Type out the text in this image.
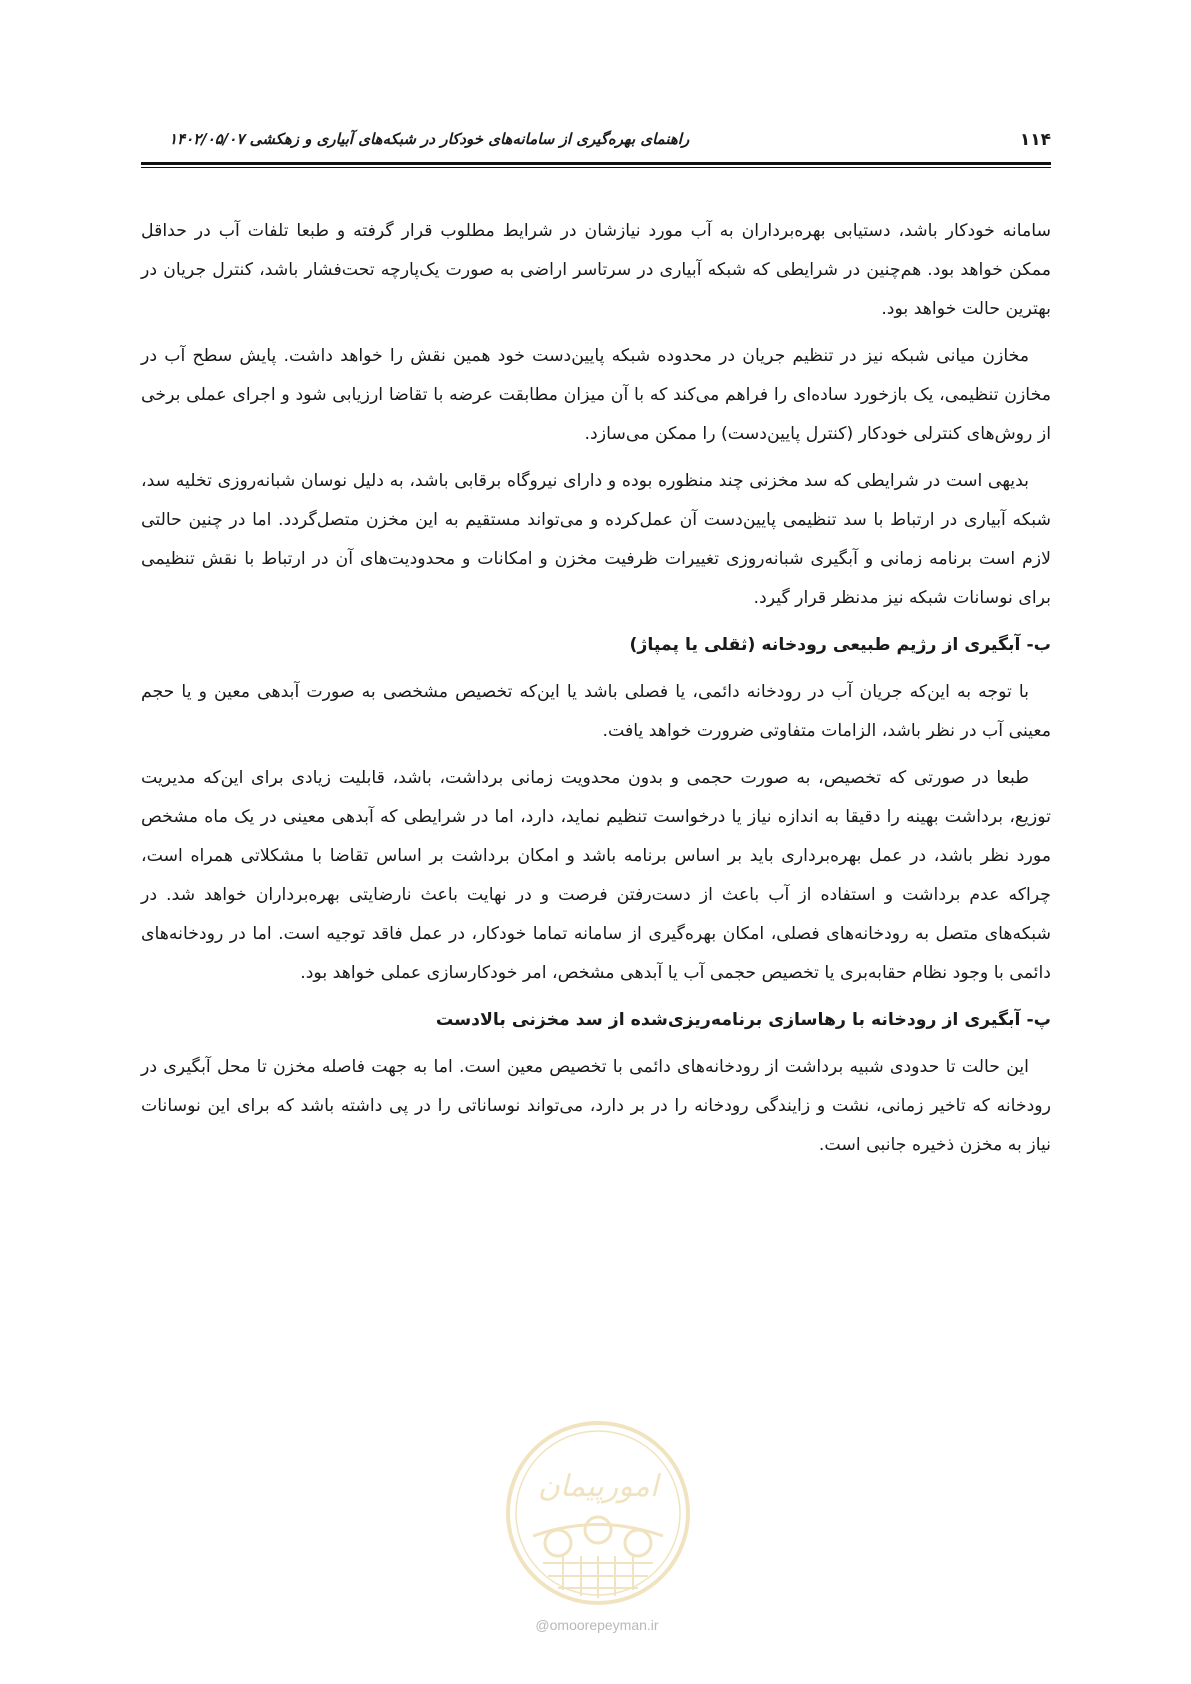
۱۱۴
راهنمای بهره‌گیری از سامانه‌های خودکار در شبکه‌های آبیاری و زهکشی ۱۴۰۲/۰۵/۰۷

سامانه خودکار باشد، دستیابی بهره‌برداران به آب مورد نیازشان در شرایط مطلوب قرار گرفته و طبعا تلفات آب در حداقل ممکن خواهد بود. هم‌چنین در شرایطی که شبکه آبیاری در سرتاسر اراضی به صورت یک‌پارچه تحت‌فشار باشد، کنترل جریان در بهترین حالت خواهد بود.

مخازن میانی شبکه نیز در تنظیم جریان در محدوده شبکه پایین‌دست خود همین نقش را خواهد داشت. پایش سطح آب در مخازن تنظیمی، یک بازخورد ساده‌ای را فراهم می‌کند که با آن میزان مطابقت عرضه با تقاضا ارزیابی شود و اجرای عملی برخی از روش‌های کنترلی خودکار (کنترل پایین‌دست) را ممکن می‌سازد.

بدیهی است در شرایطی که سد مخزنی چند منظوره بوده و دارای نیروگاه برقابی باشد، به دلیل نوسان شبانه‌روزی تخلیه سد، شبکه آبیاری در ارتباط با سد تنظیمی پایین‌دست آن عمل‌کرده و می‌تواند مستقیم به این مخزن متصل‌گردد. اما در چنین حالتی لازم است برنامه زمانی و آبگیری شبانه‌روزی تغییرات ظرفیت مخزن و امکانات و محدودیت‌های آن در ارتباط با نقش تنظیمی برای نوسانات شبکه نیز مدنظر قرار گیرد.

ب- آبگیری از رژیم طبیعی رودخانه (ثقلی یا پمپاژ)

با توجه به این‌که جریان آب در رودخانه دائمی، یا فصلی باشد یا این‌که تخصیص مشخصی به صورت آبدهی معین و یا حجم معینی آب در نظر باشد، الزامات متفاوتی ضرورت خواهد یافت.

طبعا در صورتی که تخصیص، به صورت حجمی و بدون محدویت زمانی برداشت، باشد، قابلیت زیادی برای این‌که مدیریت توزیع، برداشت بهینه را دقیقا به اندازه نیاز یا درخواست تنظیم نماید، دارد، اما در شرایطی که آبدهی معینی در یک ماه مشخص مورد نظر باشد، در عمل بهره‌برداری باید بر اساس برنامه باشد و امکان برداشت بر اساس تقاضا با مشکلاتی همراه است، چراکه عدم برداشت و استفاده از آب باعث از دست‌رفتن فرصت و در نهایت باعث نارضایتی بهره‌برداران خواهد شد. در شبکه‌های متصل به رودخانه‌های فصلی، امکان بهره‌گیری از سامانه تماما خودکار، در عمل فاقد توجیه است. اما در رودخانه‌های دائمی با وجود نظام حقابه‌بری یا تخصیص حجمی آب یا آبدهی مشخص، امر خودکارسازی عملی خواهد بود.

پ- آبگیری از رودخانه با رهاسازی برنامه‌ریزی‌شده از سد مخزنی بالادست

این حالت تا حدودی شبیه برداشت از رودخانه‌های دائمی با تخصیص معین است. اما به جهت فاصله مخزن تا محل آبگیری در رودخانه که تاخیر زمانی، نشت و زایندگی رودخانه را در بر دارد، می‌تواند نوساناتی را در پی داشته باشد که برای این نوسانات نیاز به مخزن ذخیره جانبی است.

امورپیمان
@omoorepeyman.ir
